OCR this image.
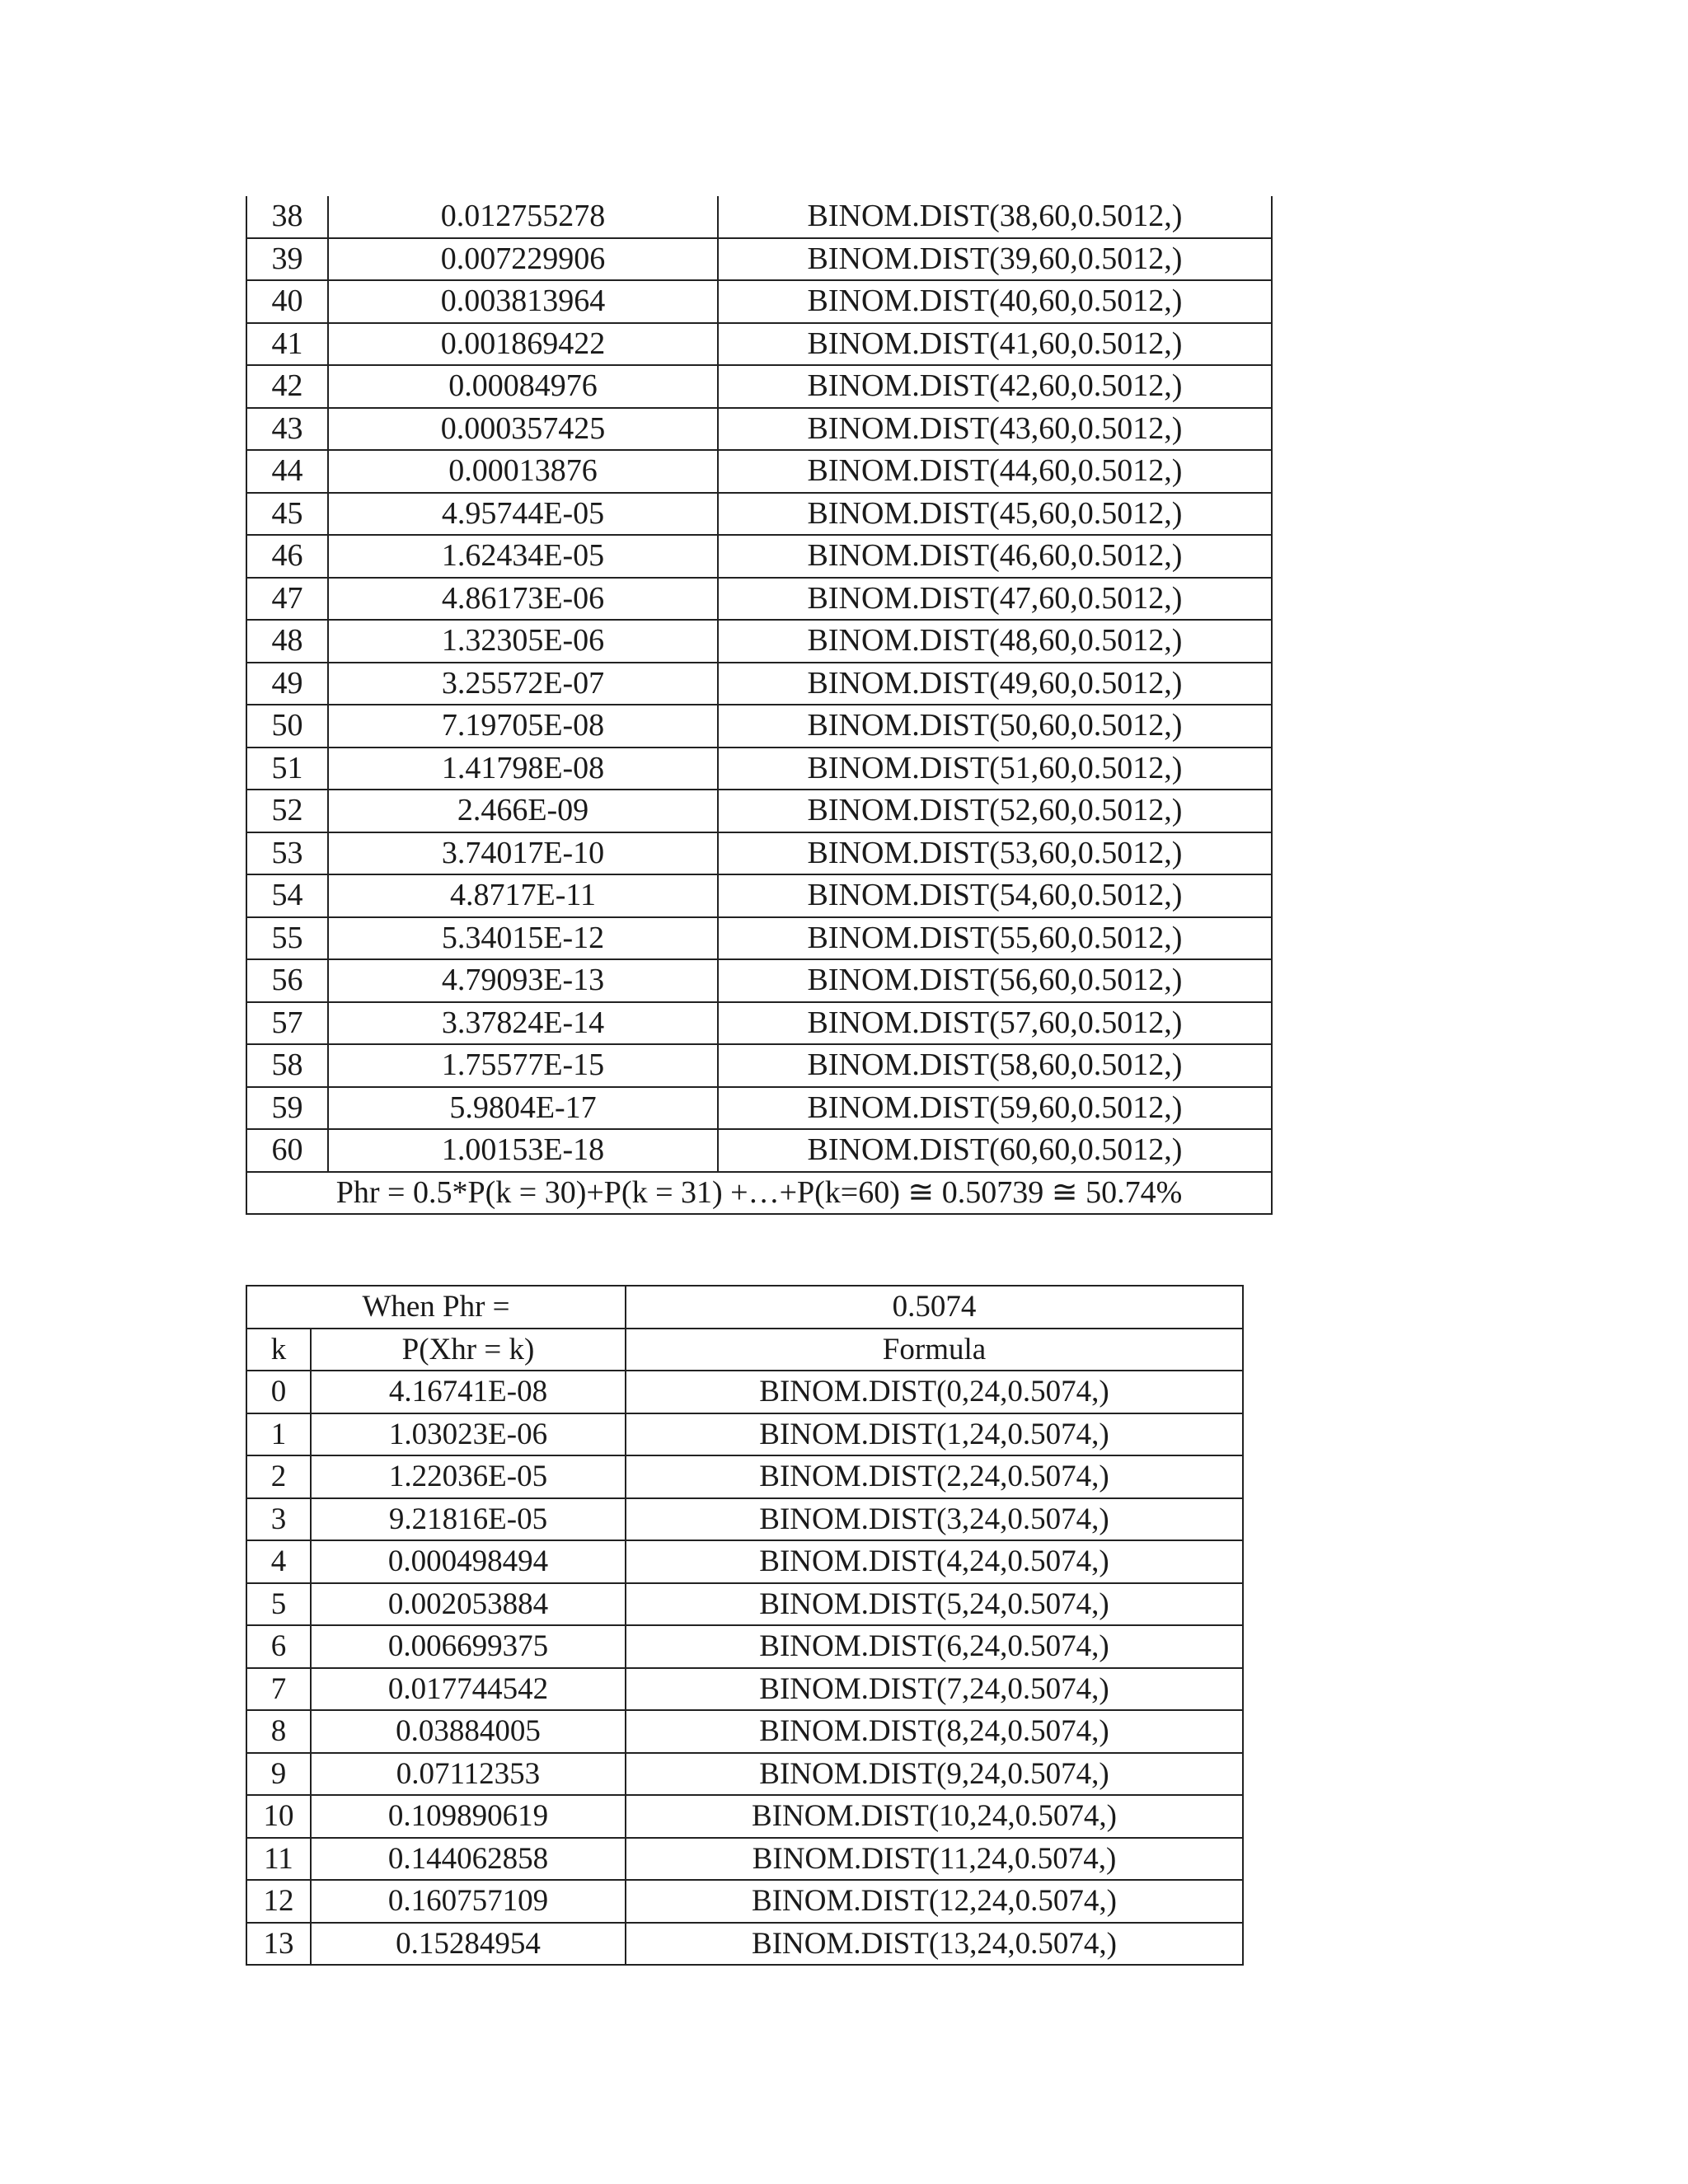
38	0.012755278	BINOM.DIST(38,60,0.5012,)
39	0.007229906	BINOM.DIST(39,60,0.5012,)
40	0.003813964	BINOM.DIST(40,60,0.5012,)
41	0.001869422	BINOM.DIST(41,60,0.5012,)
42	0.00084976	BINOM.DIST(42,60,0.5012,)
43	0.000357425	BINOM.DIST(43,60,0.5012,)
44	0.00013876	BINOM.DIST(44,60,0.5012,)
45	4.95744E-05	BINOM.DIST(45,60,0.5012,)
46	1.62434E-05	BINOM.DIST(46,60,0.5012,)
47	4.86173E-06	BINOM.DIST(47,60,0.5012,)
48	1.32305E-06	BINOM.DIST(48,60,0.5012,)
49	3.25572E-07	BINOM.DIST(49,60,0.5012,)
50	7.19705E-08	BINOM.DIST(50,60,0.5012,)
51	1.41798E-08	BINOM.DIST(51,60,0.5012,)
52	2.466E-09	BINOM.DIST(52,60,0.5012,)
53	3.74017E-10	BINOM.DIST(53,60,0.5012,)
54	4.8717E-11	BINOM.DIST(54,60,0.5012,)
55	5.34015E-12	BINOM.DIST(55,60,0.5012,)
56	4.79093E-13	BINOM.DIST(56,60,0.5012,)
57	3.37824E-14	BINOM.DIST(57,60,0.5012,)
58	1.75577E-15	BINOM.DIST(58,60,0.5012,)
59	5.9804E-17	BINOM.DIST(59,60,0.5012,)
60	1.00153E-18	BINOM.DIST(60,60,0.5012,)
Phr = 0.5*P(k = 30)+P(k = 31) +…+P(k=60) ≅ 0.50739 ≅ 50.74%		
When Phr =		0.5074
k	P(Xhr = k)	Formula
0	4.16741E-08	BINOM.DIST(0,24,0.5074,)
1	1.03023E-06	BINOM.DIST(1,24,0.5074,)
2	1.22036E-05	BINOM.DIST(2,24,0.5074,)
3	9.21816E-05	BINOM.DIST(3,24,0.5074,)
4	0.000498494	BINOM.DIST(4,24,0.5074,)
5	0.002053884	BINOM.DIST(5,24,0.5074,)
6	0.006699375	BINOM.DIST(6,24,0.5074,)
7	0.017744542	BINOM.DIST(7,24,0.5074,)
8	0.03884005	BINOM.DIST(8,24,0.5074,)
9	0.07112353	BINOM.DIST(9,24,0.5074,)
10	0.109890619	BINOM.DIST(10,24,0.5074,)
11	0.144062858	BINOM.DIST(11,24,0.5074,)
12	0.160757109	BINOM.DIST(12,24,0.5074,)
13	0.15284954	BINOM.DIST(13,24,0.5074,)
